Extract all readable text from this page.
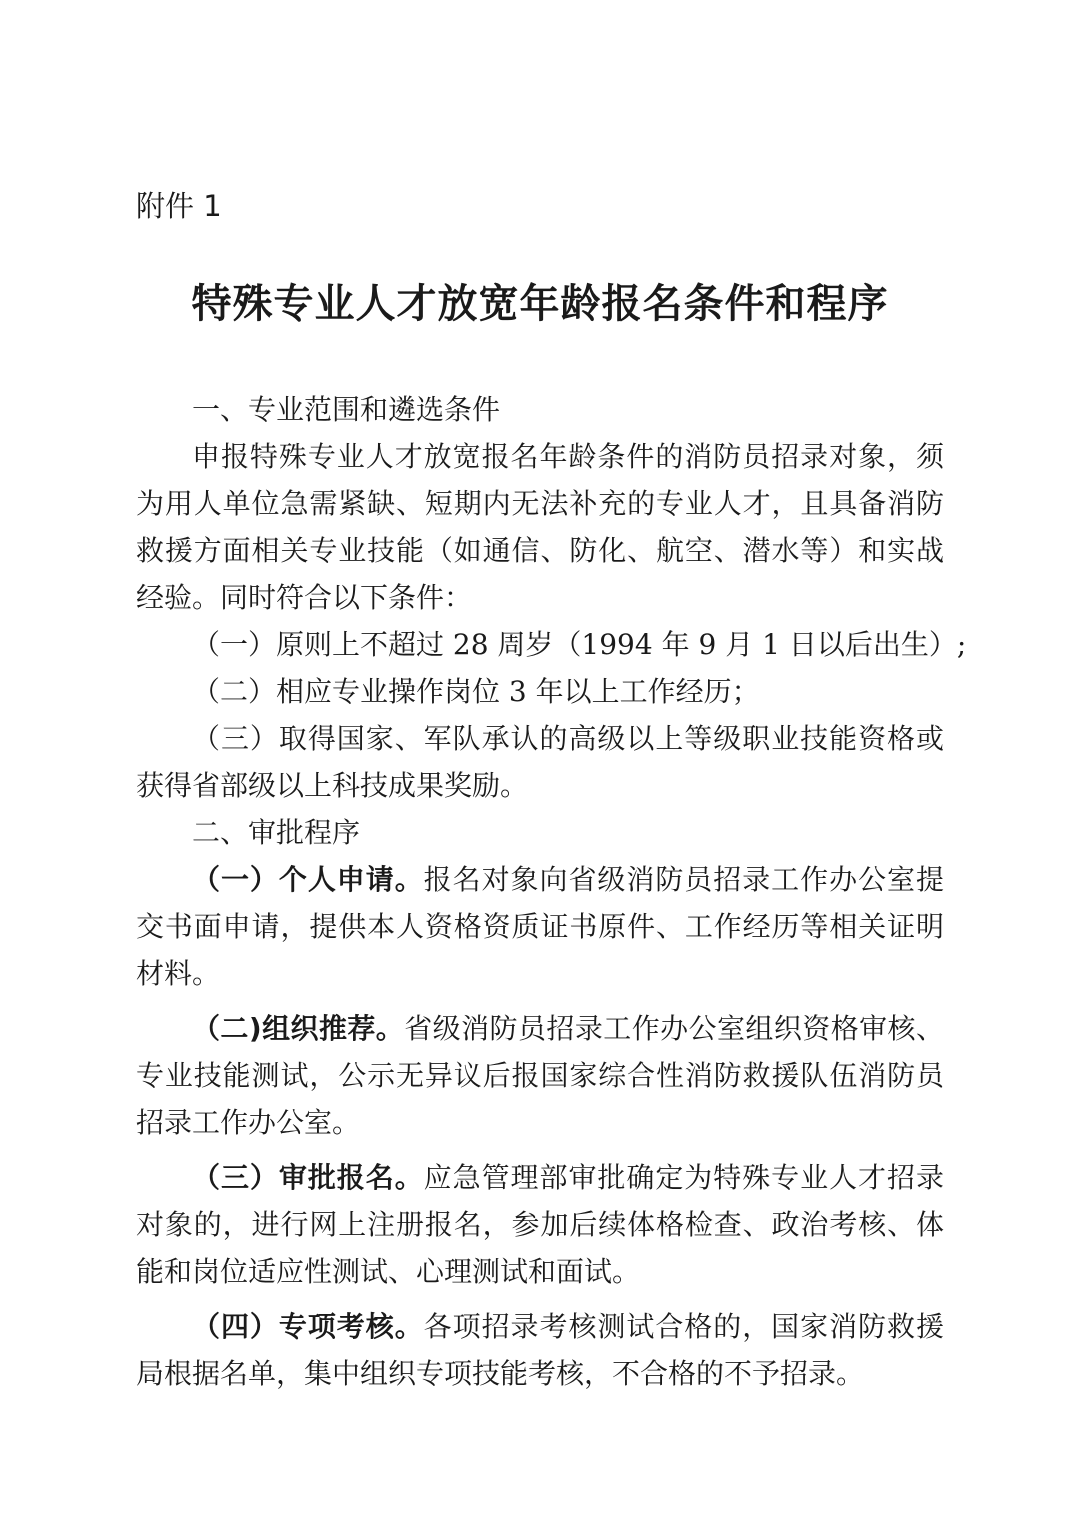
附件 1
特殊专业人才放宽年龄报名条件和程序
一、专业范围和遴选条件
申报特殊专业人才放宽报名年龄条件的消防员招录对象，须
为用人单位急需紧缺、短期内无法补充的专业人才，且具备消防
救援方面相关专业技能（如通信、防化、航空、潜水等）和实战
经验。同时符合以下条件：
（一）原则上不超过 28 周岁（1994 年 9 月 1 日以后出生）;
（二）相应专业操作岗位 3 年以上工作经历；
（三）取得国家、军队承认的高级以上等级职业技能资格或
获得省部级以上科技成果奖励。
二、审批程序
（一）个人申请。报名对象向省级消防员招录工作办公室提
交书面申请，提供本人资格资质证书原件、工作经历等相关证明
材料。
（二)组织推荐。省级消防员招录工作办公室组织资格审核、
专业技能测试，公示无异议后报国家综合性消防救援队伍消防员
招录工作办公室。
（三）审批报名。应急管理部审批确定为特殊专业人才招录
对象的，进行网上注册报名，参加后续体格检查、政治考核、体
能和岗位适应性测试、心理测试和面试。
（四）专项考核。各项招录考核测试合格的，国家消防救援
局根据名单，集中组织专项技能考核，不合格的不予招录。
